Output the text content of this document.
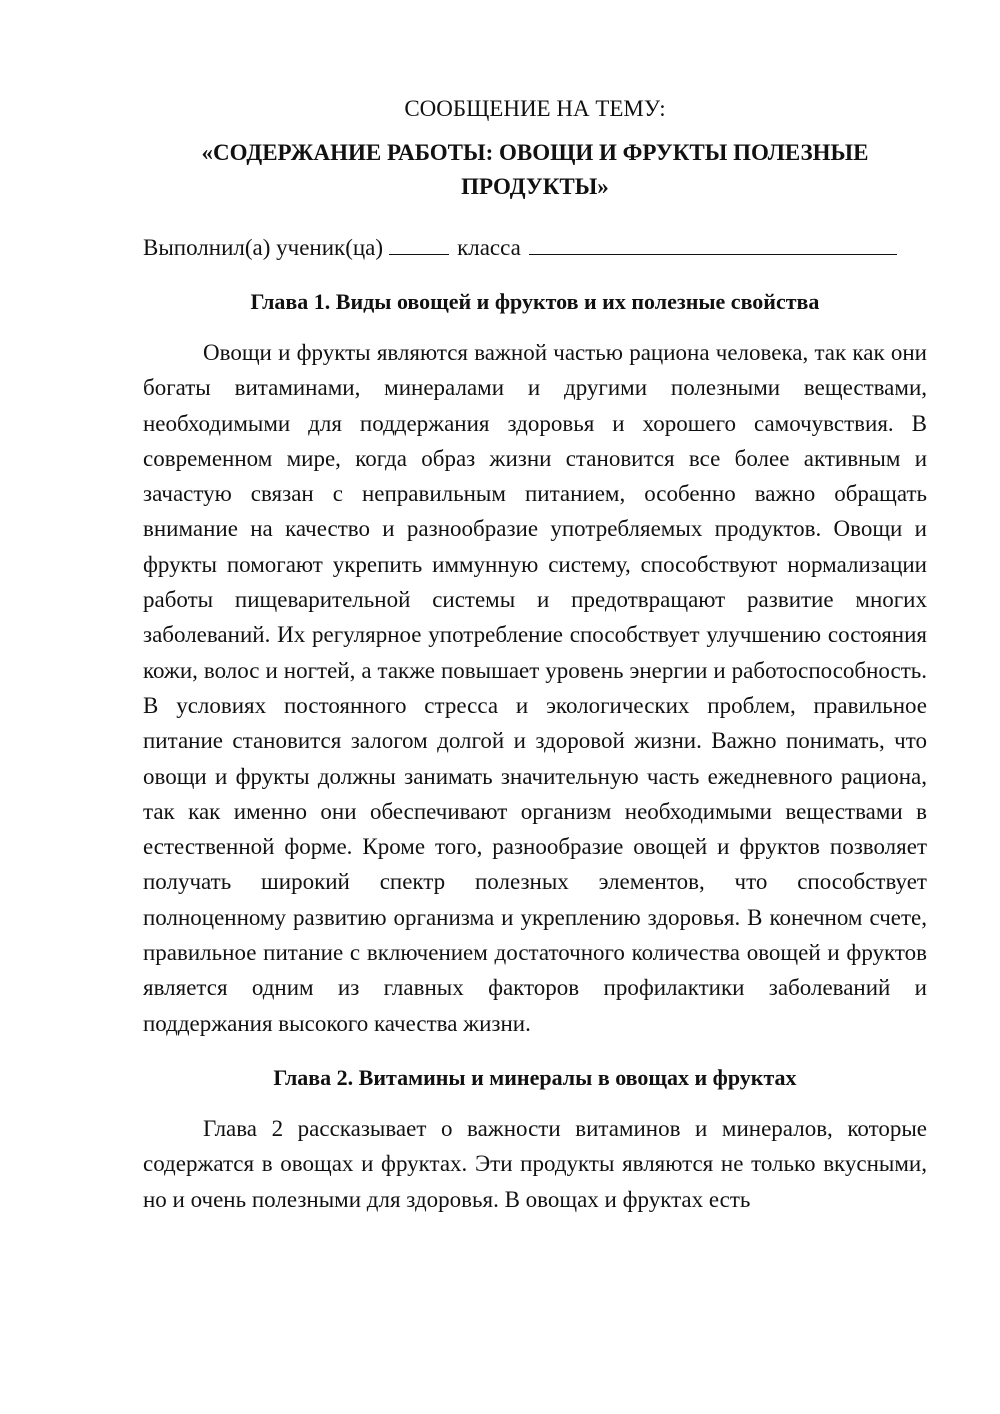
СООБЩЕНИЕ НА ТЕМУ:

«СОДЕРЖАНИЕ РАБОТЫ: ОВОЩИ И ФРУКТЫ ПОЛЕЗНЫЕ ПРОДУКТЫ»

Выполнил(а) ученик(ца)	класса

Глава 1. Виды овощей и фруктов и их полезные свойства

Овощи и фрукты являются важной частью рациона человека, так как они богаты витаминами, минералами и другими полезными веществами, необходимыми для поддержания здоровья и хорошего самочувствия. В современном мире, когда образ жизни становится все более активным и зачастую связан с неправильным питанием, особенно важно обращать внимание на качество и разнообразие употребляемых продуктов. Овощи и фрукты помогают укрепить иммунную систему, способствуют нормализации работы пищеварительной системы и предотвращают развитие многих заболеваний. Их регулярное употребление способствует улучшению состояния кожи, волос и ногтей, а также повышает уровень энергии и работоспособность. В условиях постоянного стресса и экологических проблем, правильное питание становится залогом долгой и здоровой жизни. Важно понимать, что овощи и фрукты должны занимать значительную часть ежедневного рациона, так как именно они обеспечивают организм необходимыми веществами в естественной форме. Кроме того, разнообразие овощей и фруктов позволяет получать широкий спектр полезных элементов, что способствует полноценному развитию организма и укреплению здоровья. В конечном счете, правильное питание с включением достаточного количества овощей и фруктов является одним из главных факторов профилактики заболеваний и поддержания высокого качества жизни.

Глава 2. Витамины и минералы в овощах и фруктах

Глава 2 рассказывает о важности витаминов и минералов, которые содержатся в овощах и фруктах. Эти продукты являются не только вкусными, но и очень полезными для здоровья. В овощах и фруктах есть
